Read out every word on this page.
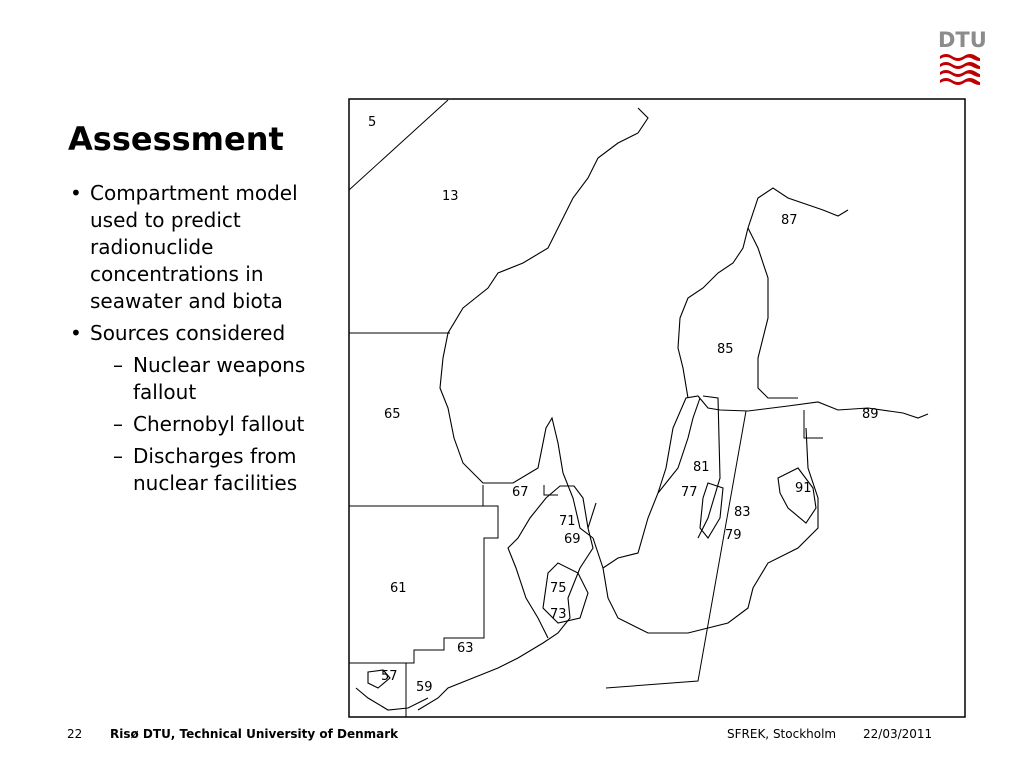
DTU
Assessment
• Compartment model used to predict radionuclide concentrations in seawater and biota
• Sources considered
– Nuclear weapons fallout
– Chernobyl fallout
– Discharges from nuclear facilities
5
13
87
85
65	89
81
77
67
71
69
91
83
79
61	75
73
63
57
59
22 Risø DTU, Technical University of Denmark	SFREK, Stockholm 22/03/2011
